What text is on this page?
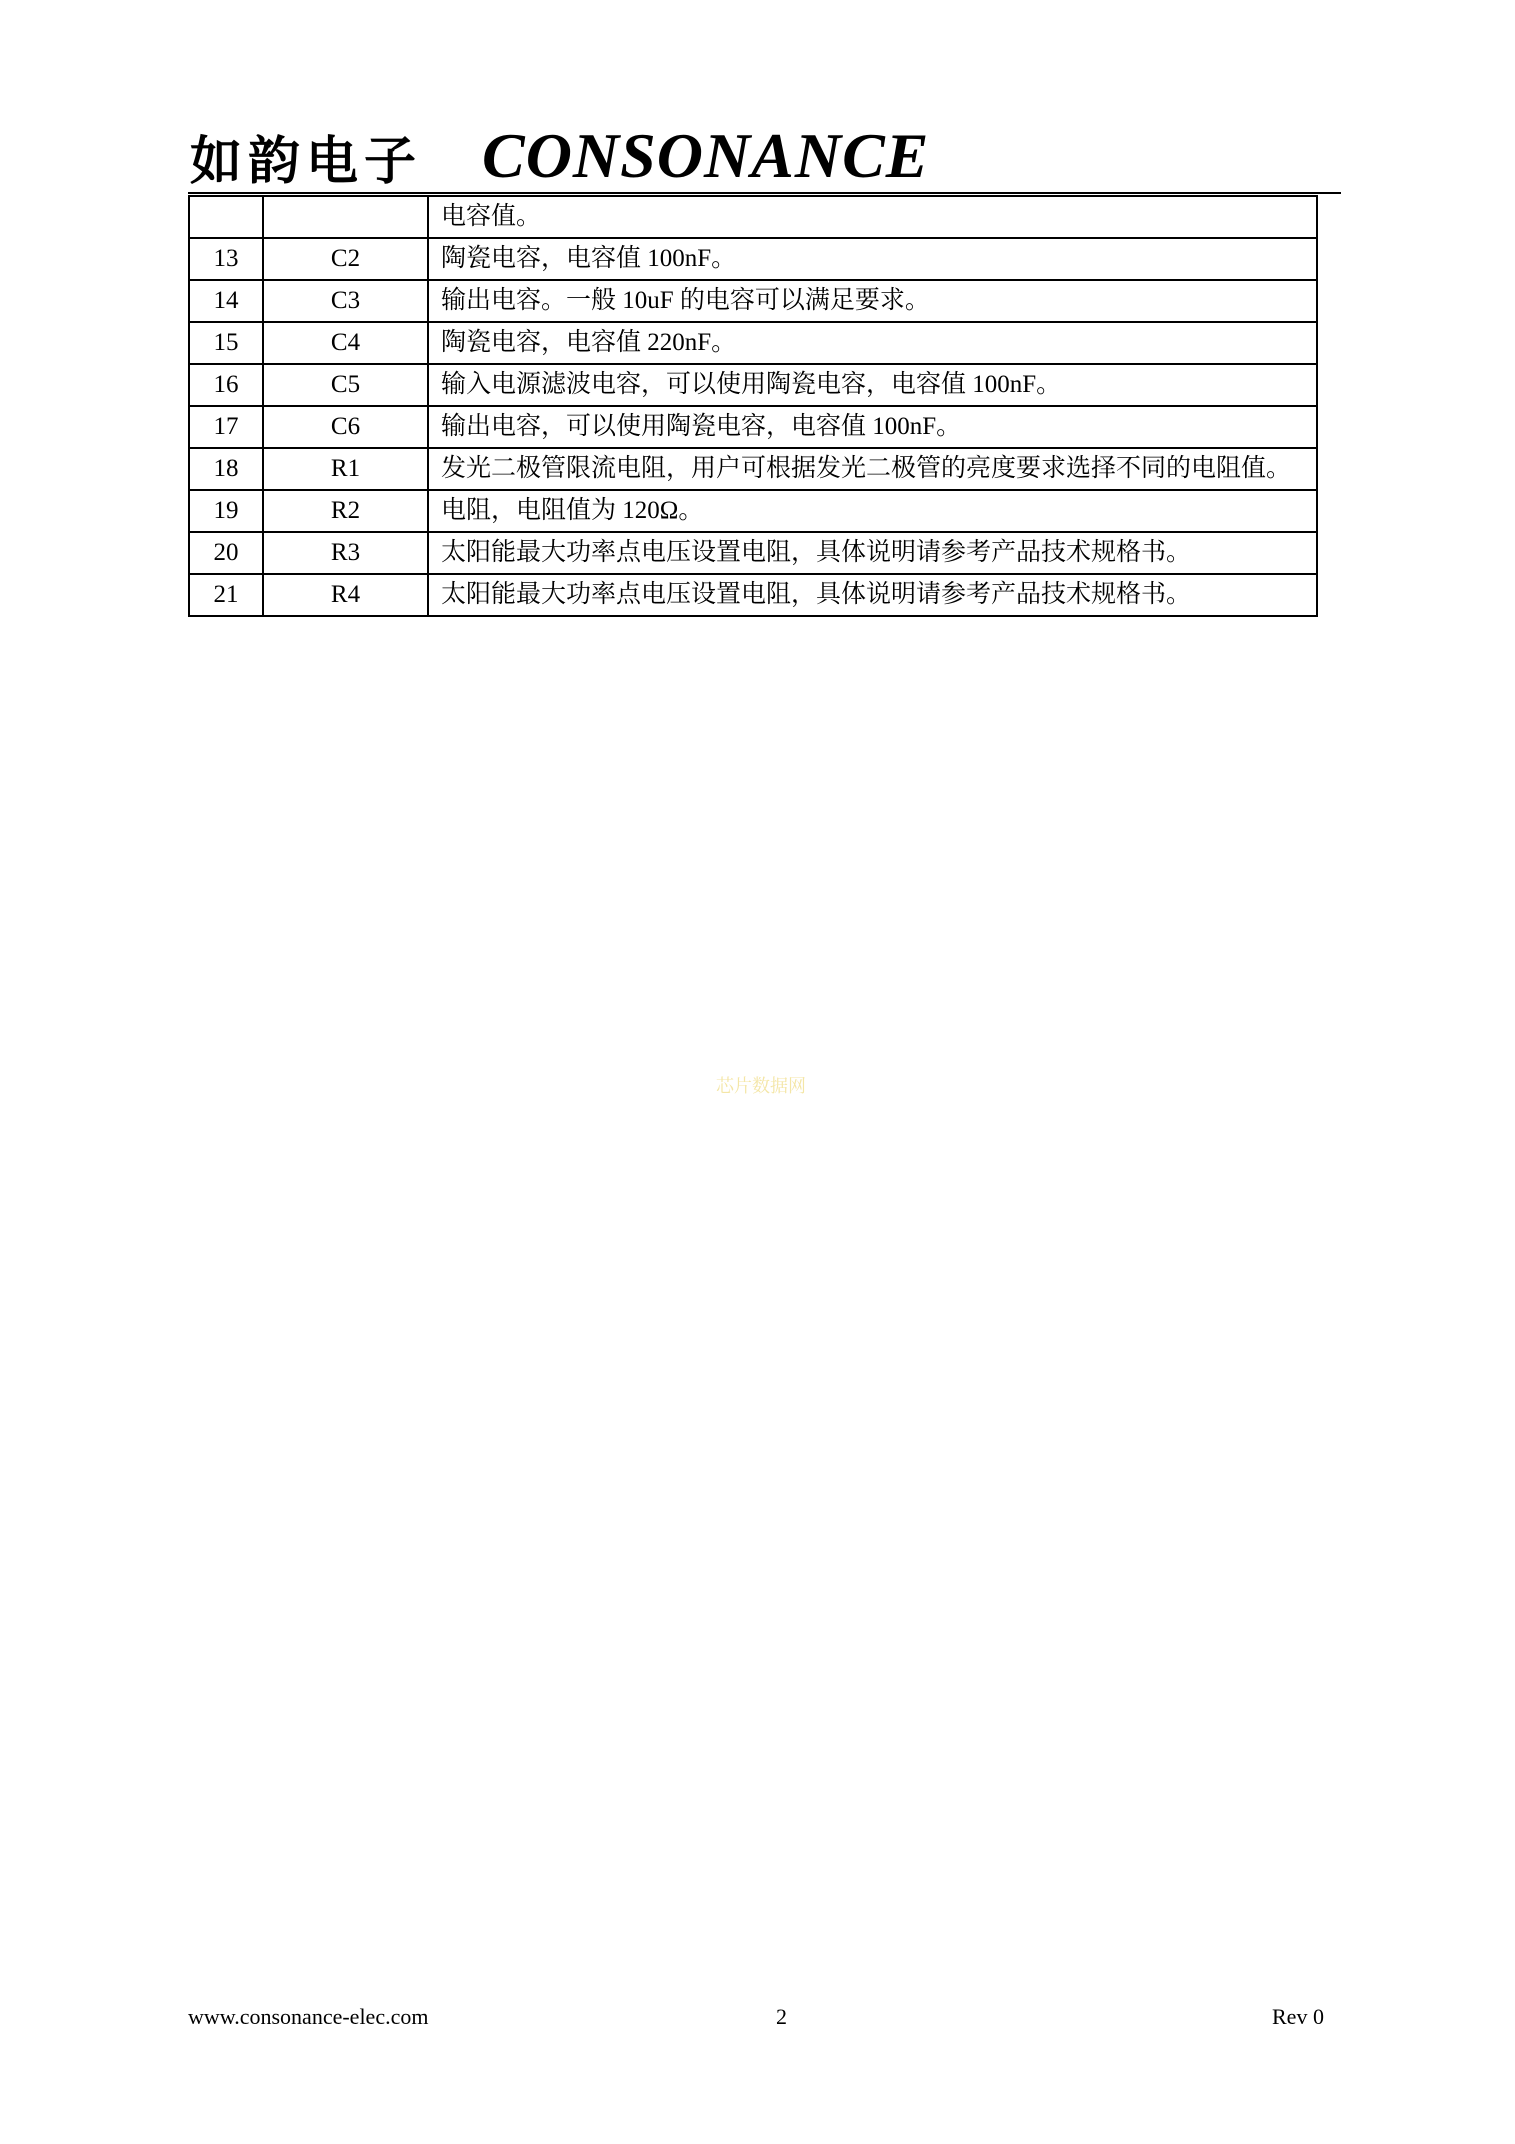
如韵电子 CONSONANCE
		电容值。
13	C2	陶瓷电容，电容值 100nF。
14	C3	输出电容。一般 10uF 的电容可以满足要求。
15	C4	陶瓷电容，电容值 220nF。
16	C5	输入电源滤波电容，可以使用陶瓷电容，电容值 100nF。
17	C6	输出电容，可以使用陶瓷电容，电容值 100nF。
18	R1	发光二极管限流电阻，用户可根据发光二极管的亮度要求选择不同的电阻值。
19	R2	电阻，电阻值为 120Ω。
20	R3	太阳能最大功率点电压设置电阻，具体说明请参考产品技术规格书。
21	R4	太阳能最大功率点电压设置电阻，具体说明请参考产品技术规格书。
芯片数据网
www.consonance-elec.com	2	Rev 0
